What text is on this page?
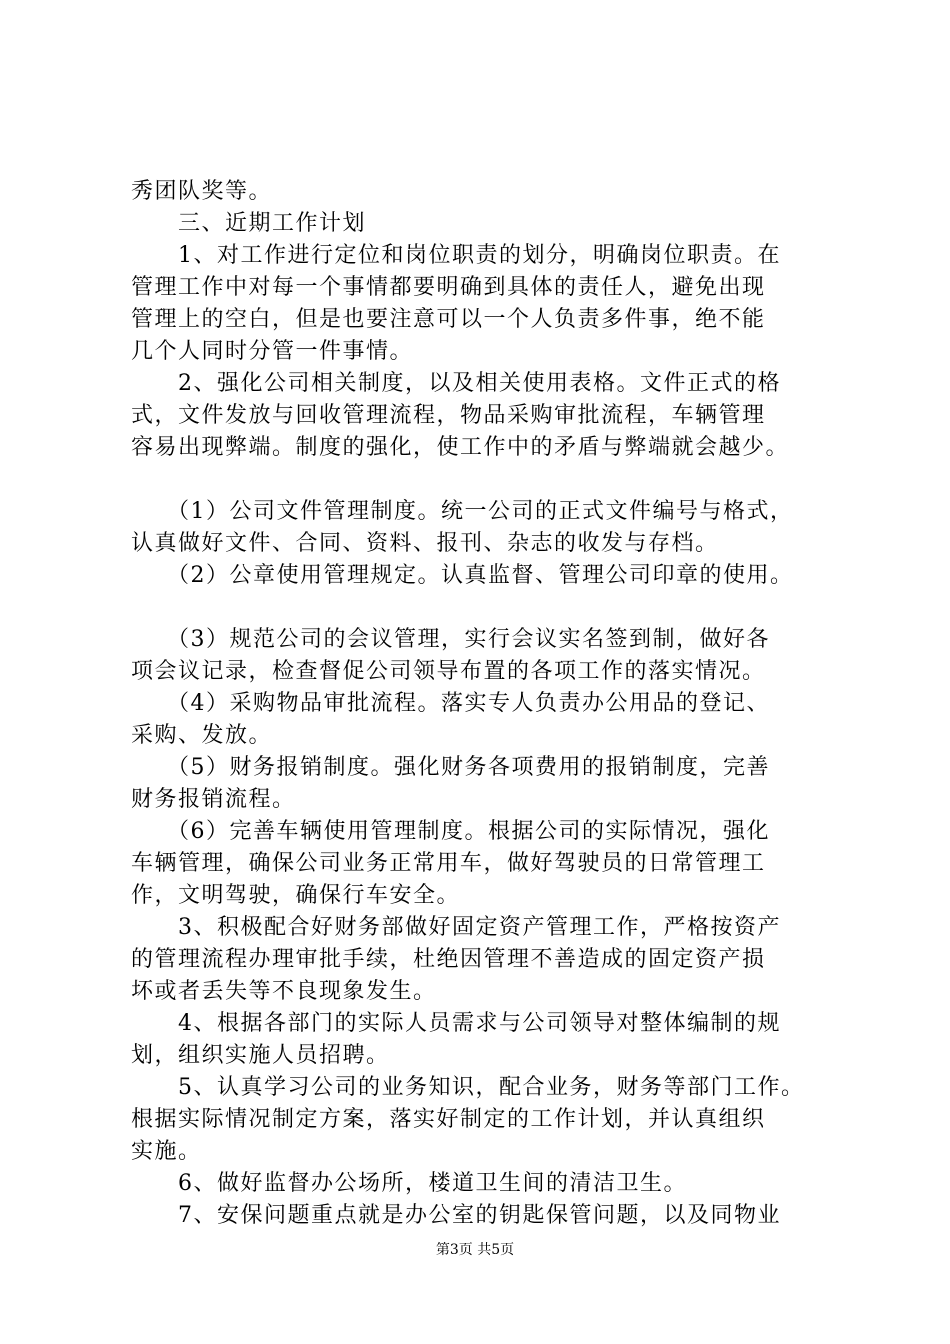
秀团队奖等。
　　三、近期工作计划
　　1、对工作进行定位和岗位职责的划分，明确岗位职责。在
管理工作中对每一个事情都要明确到具体的责任人，避免出现
管理上的空白，但是也要注意可以一个人负责多件事，绝不能
几个人同时分管一件事情。
　　2、强化公司相关制度，以及相关使用表格。文件正式的格
式，文件发放与回收管理流程，物品采购审批流程，车辆管理
容易出现弊端。制度的强化，使工作中的矛盾与弊端就会越少。
　　（1）公司文件管理制度。统一公司的正式文件编号与格式，
认真做好文件、合同、资料、报刊、杂志的收发与存档。
　　（2）公章使用管理规定。认真监督、管理公司印章的使用。
　　（3）规范公司的会议管理，实行会议实名签到制，做好各
项会议记录，检查督促公司领导布置的各项工作的落实情况。
　　（4）采购物品审批流程。落实专人负责办公用品的登记、
采购、发放。
　　（5）财务报销制度。强化财务各项费用的报销制度，完善
财务报销流程。
　　（6）完善车辆使用管理制度。根据公司的实际情况，强化
车辆管理，确保公司业务正常用车，做好驾驶员的日常管理工
作，文明驾驶，确保行车安全。
　　3、积极配合好财务部做好固定资产管理工作，严格按资产
的管理流程办理审批手续，杜绝因管理不善造成的固定资产损
坏或者丢失等不良现象发生。
　　4、根据各部门的实际人员需求与公司领导对整体编制的规
划，组织实施人员招聘。
　　5、认真学习公司的业务知识，配合业务，财务等部门工作。
根据实际情况制定方案，落实好制定的工作计划，并认真组织
实施。
　　6、做好监督办公场所，楼道卫生间的清洁卫生。
　　7、安保问题重点就是办公室的钥匙保管问题，以及同物业
第3页 共5页
